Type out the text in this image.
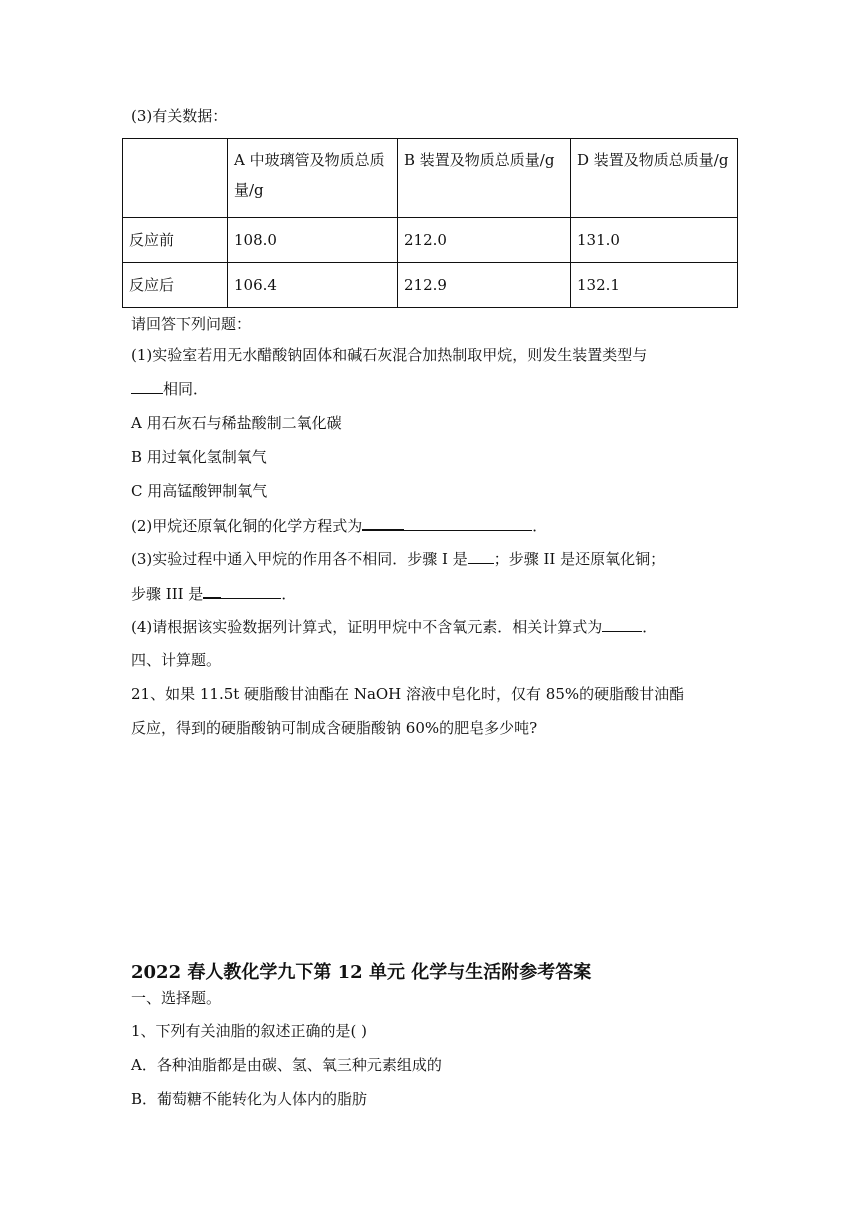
(3)有关数据：
	A 中玻璃管及物质总质量/g	B 装置及物质总质量/g	D 装置及物质总质量/g
反应前	108.0	212.0	131.0
反应后	106.4	212.9	132.1
请回答下列问题：
(1)实验室若用无水醋酸钠固体和碱石灰混合加热制取甲烷，则发生装置类型与
相同．
A 用石灰石与稀盐酸制二氧化碳
B 用过氧化氢制氧气
C 用高锰酸钾制氧气
(2)甲烷还原氧化铜的化学方程式为	．
(3)实验过程中通入甲烷的作用各不相同．步骤 I 是 ；步骤 II 是还原氧化铜；
步骤 III 是	．
(4)请根据该实验数据列计算式，证明甲烷中不含氧元素．相关计算式为	．
四、计算题。
21、如果 11.5t 硬脂酸甘油酯在 NaOH 溶液中皂化时，仅有 85%的硬脂酸甘油酯
反应，得到的硬脂酸钠可制成含硬脂酸钠 60%的肥皂多少吨?
2022 春人教化学九下第 12 单元 化学与生活附参考答案
一、选择题。
1、下列有关油脂的叙述正确的是( )
A．各种油脂都是由碳、氢、氧三种元素组成的
B．葡萄糖不能转化为人体内的脂肪
